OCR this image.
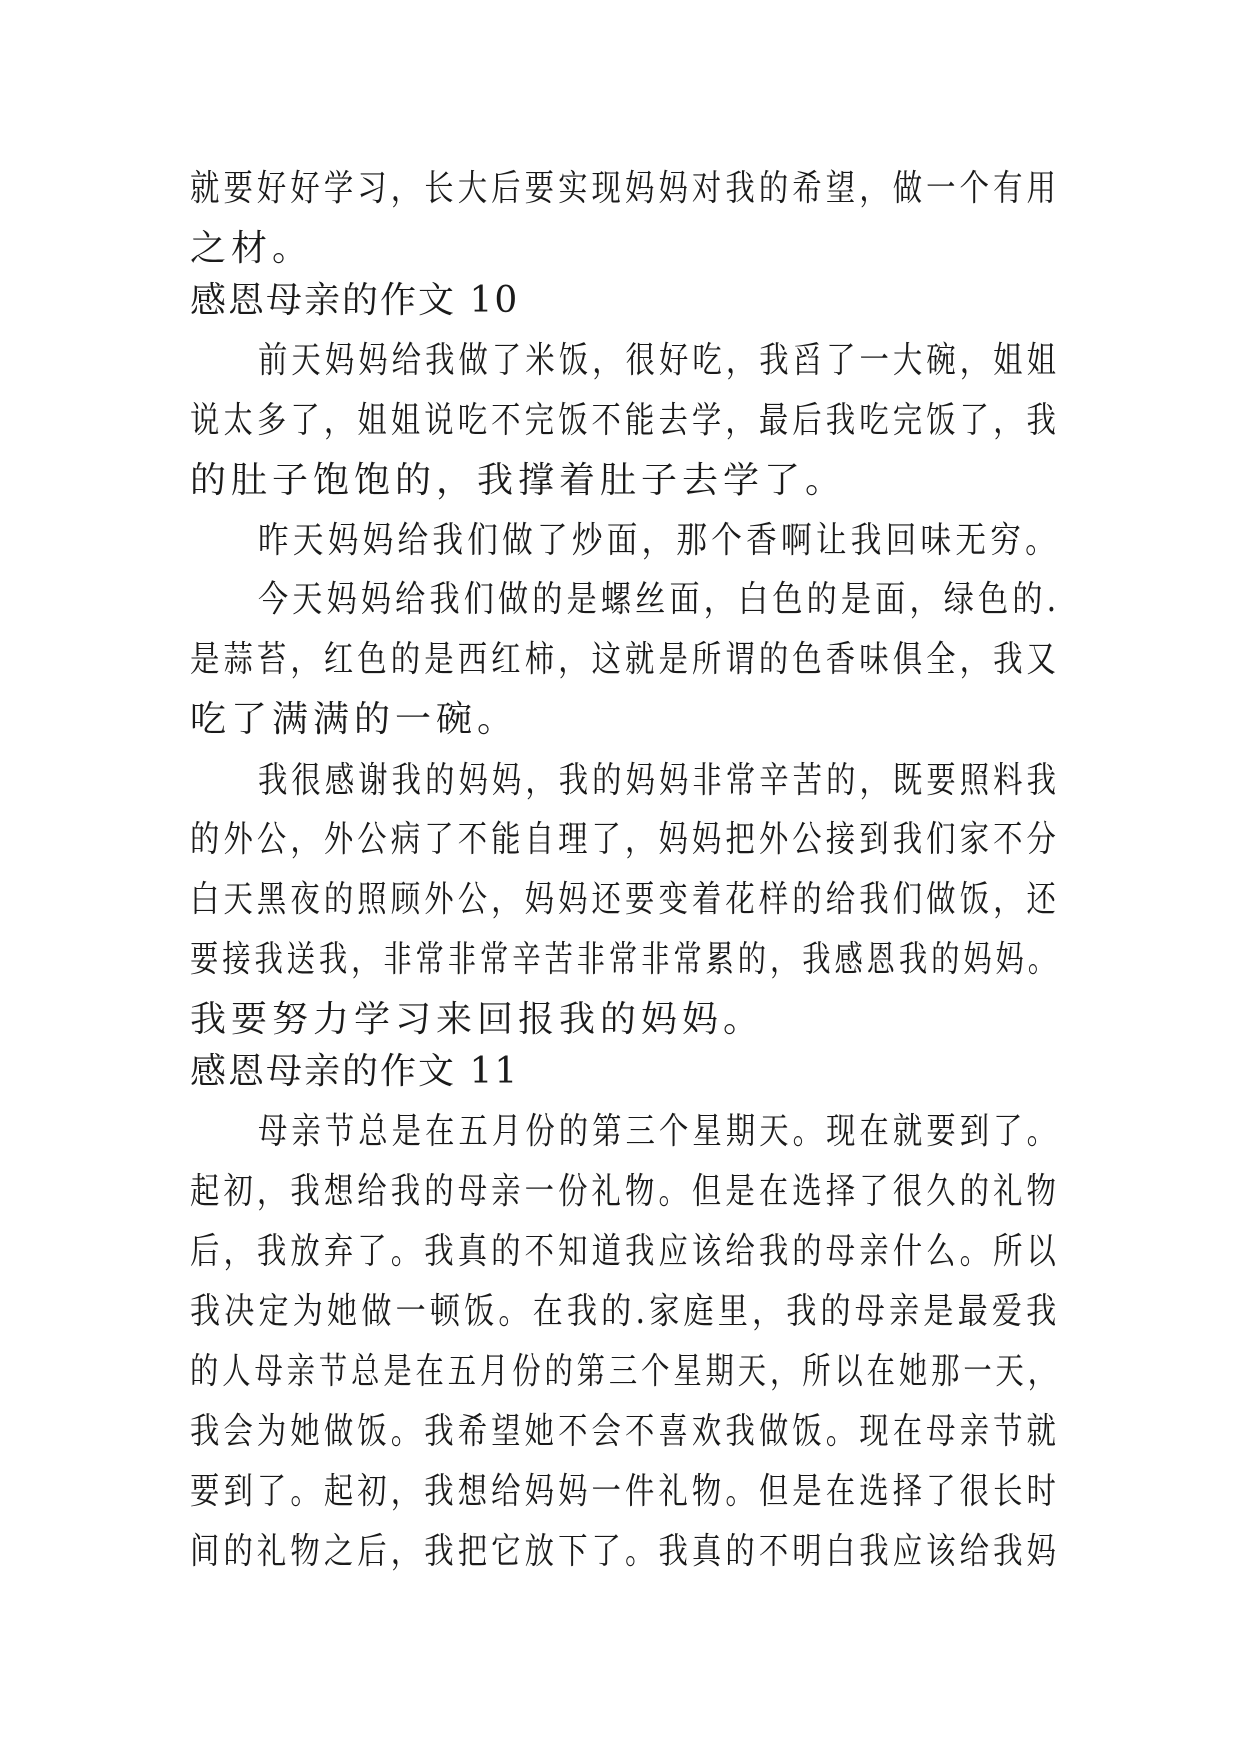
就要好好学习，长大后要实现妈妈对我的希望，做一个有用
之材。
感恩母亲的作文 10
前天妈妈给我做了米饭，很好吃，我舀了一大碗，姐姐
说太多了，姐姐说吃不完饭不能去学，最后我吃完饭了，我
的肚子饱饱的，我撑着肚子去学了。
昨天妈妈给我们做了炒面，那个香啊让我回味无穷。
今天妈妈给我们做的是螺丝面，白色的是面，绿色的.
是蒜苔，红色的是西红柿，这就是所谓的色香味俱全，我又
吃了满满的一碗。
我很感谢我的妈妈，我的妈妈非常辛苦的，既要照料我
的外公，外公病了不能自理了，妈妈把外公接到我们家不分
白天黑夜的照顾外公，妈妈还要变着花样的给我们做饭，还
要接我送我，非常非常辛苦非常非常累的，我感恩我的妈妈。
我要努力学习来回报我的妈妈。
感恩母亲的作文 11
母亲节总是在五月份的第三个星期天。现在就要到了。
起初，我想给我的母亲一份礼物。但是在选择了很久的礼物
后，我放弃了。我真的不知道我应该给我的母亲什么。所以
我决定为她做一顿饭。在我的.家庭里，我的母亲是最爱我
的人母亲节总是在五月份的第三个星期天，所以在她那一天，
我会为她做饭。我希望她不会不喜欢我做饭。现在母亲节就
要到了。起初，我想给妈妈一件礼物。但是在选择了很长时
间的礼物之后，我把它放下了。我真的不明白我应该给我妈
